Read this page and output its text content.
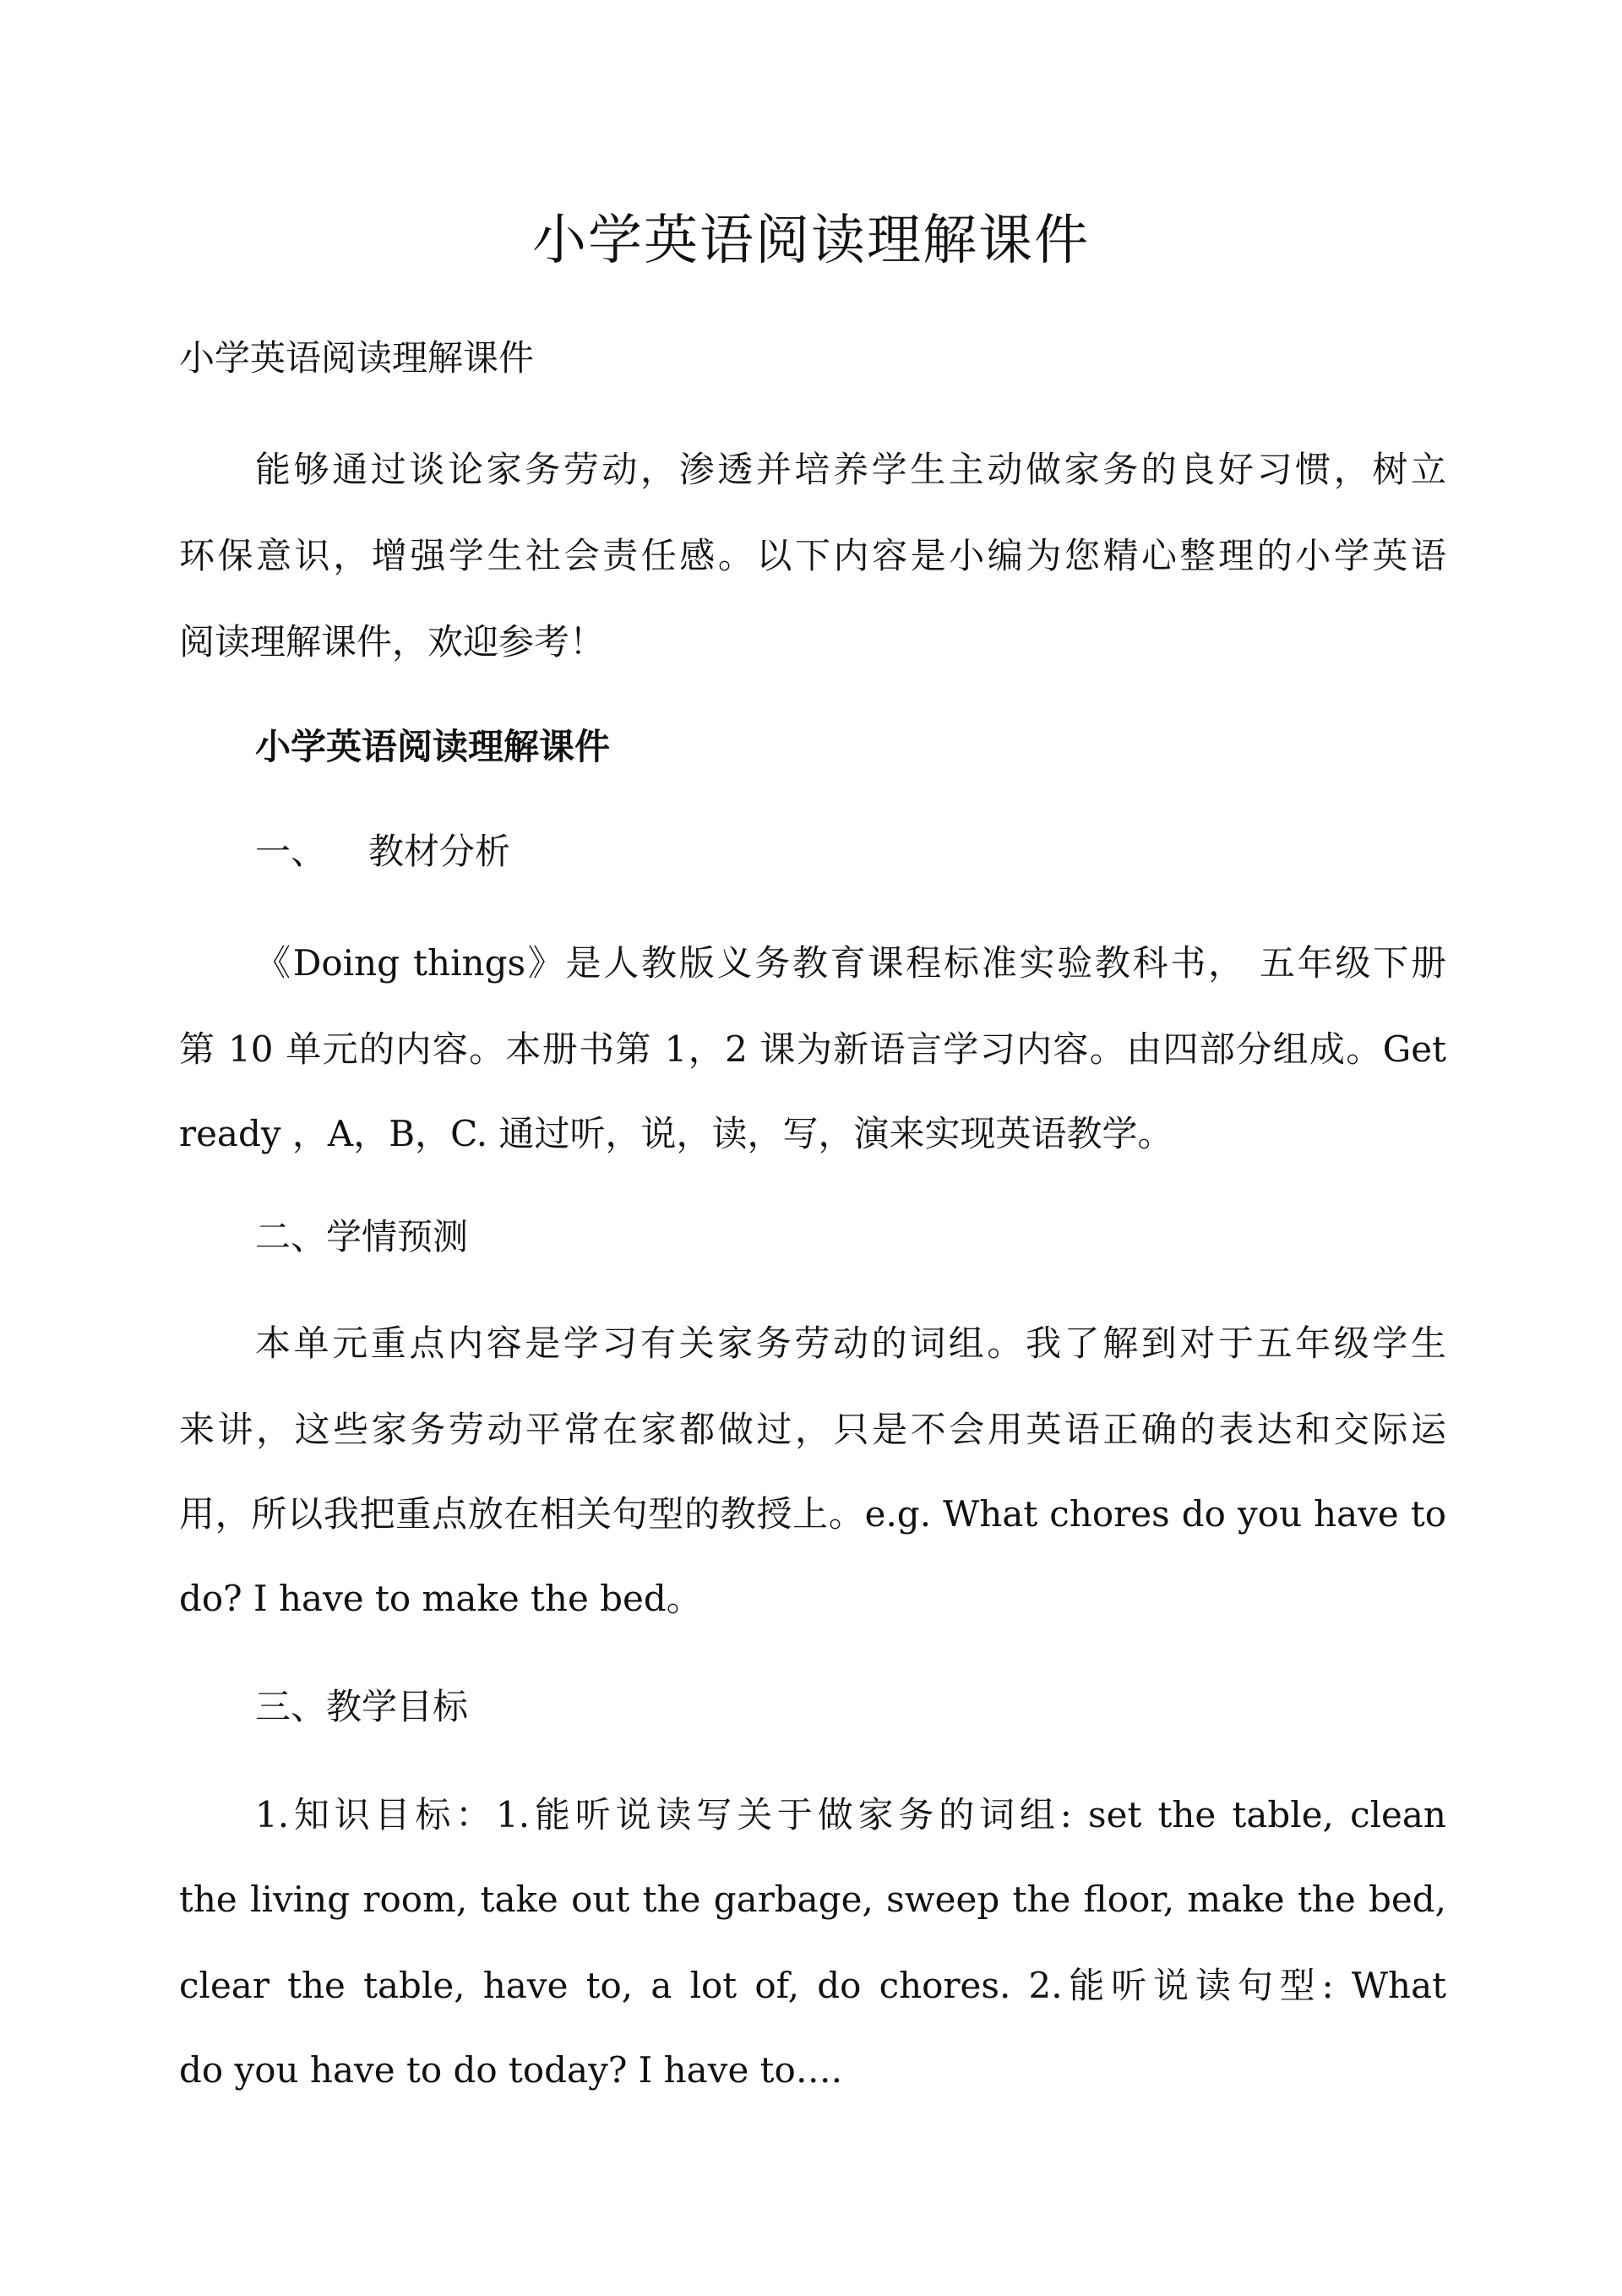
小学英语阅读理解课件

小学英语阅读理解课件

能够通过谈论家务劳动，渗透并培养学生主动做家务的良好习惯，树立

环保意识，增强学生社会责任感。以下内容是小编为您精心整理的小学英语

阅读理解课件，欢迎参考！

小学英语阅读理解课件

一、 教材分析

《Doing things》是人教版义务教育课程标准实验教科书， 五年级下册

第 10 单元的内容。本册书第 1，2 课为新语言学习内容。由四部分组成。Get

ready ，A，B，C. 通过听，说，读，写，演来实现英语教学。

二、学情预测

本单元重点内容是学习有关家务劳动的词组。我了解到对于五年级学生

来讲，这些家务劳动平常在家都做过，只是不会用英语正确的表达和交际运

用，所以我把重点放在相关句型的教授上。e.g. What chores do you have to

do? I have to make the bed。

三、教学目标

1.知识目标：1.能听说读写关于做家务的词组: set the table, clean

the living room, take out the garbage, sweep the floor, make the bed,

clear the table, have to, a lot of, do chores. 2.能听说读句型: What

do you have to do today? I have to….
